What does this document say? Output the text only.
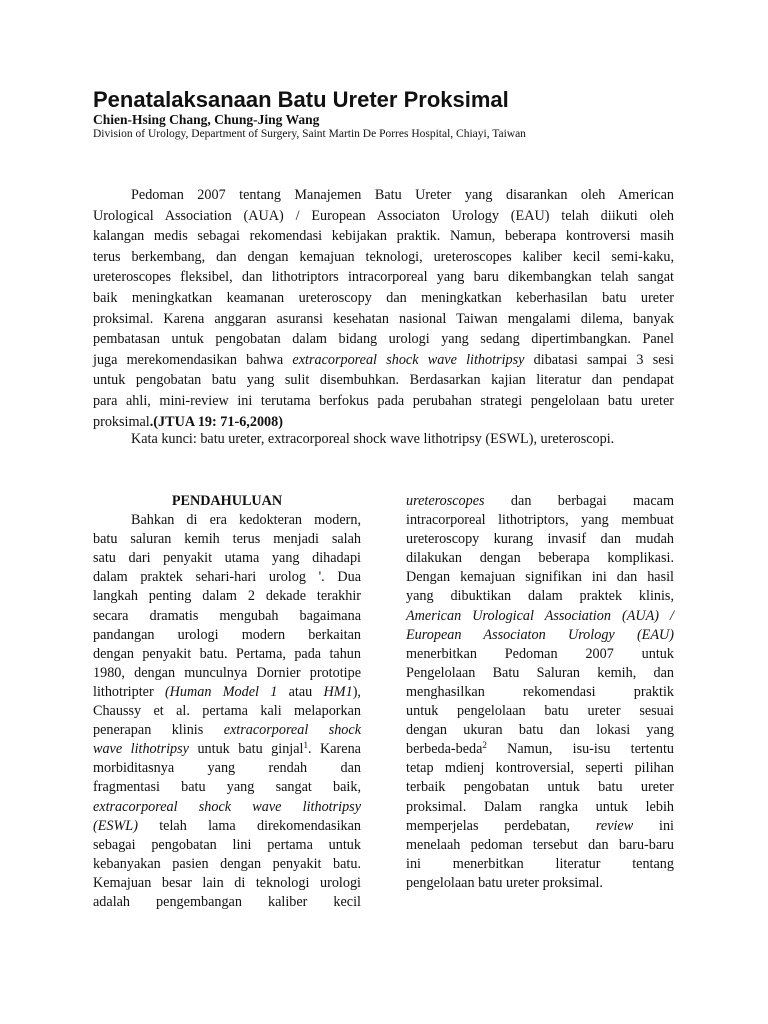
Penatalaksanaan Batu Ureter Proksimal
Chien-Hsing Chang, Chung-Jing Wang
Division of Urology, Department of Surgery, Saint Martin De Porres Hospital, Chiayi, Taiwan
Pedoman 2007 tentang Manajemen Batu Ureter yang disarankan oleh American
Urological Association (AUA) / European Associaton Urology (EAU) telah diikuti oleh
kalangan medis sebagai rekomendasi kebijakan praktik. Namun, beberapa kontroversi masih
terus berkembang, dan dengan kemajuan teknologi, ureteroscopes kaliber kecil semi-kaku,
ureteroscopes fleksibel, dan lithotriptors intracorporeal yang baru dikembangkan telah sangat
baik meningkatkan keamanan ureteroscopy dan meningkatkan keberhasilan batu ureter
proksimal. Karena anggaran asuransi kesehatan nasional Taiwan mengalami dilema, banyak
pembatasan untuk pengobatan dalam bidang urologi yang sedang dipertimbangkan. Panel
juga merekomendasikan bahwa extracorporeal shock wave lithotripsy dibatasi sampai 3 sesi
untuk pengobatan batu yang sulit disembuhkan. Berdasarkan kajian literatur dan pendapat
para ahli, mini-review ini terutama berfokus pada perubahan strategi pengelolaan batu ureter
proksimal.(JTUA 19: 71-6,2008)
Kata kunci: batu ureter, extracorporeal shock wave lithotripsy (ESWL), ureteroscopi.
PENDAHULUAN
Bahkan di era kedokteran modern,
batu saluran kemih terus menjadi salah
satu dari penyakit utama yang dihadapi
dalam praktek sehari-hari urolog '. Dua
langkah penting dalam 2 dekade terakhir
secara dramatis mengubah bagaimana
pandangan urologi modern berkaitan
dengan penyakit batu. Pertama, pada tahun
1980, dengan munculnya Dornier prototipe
lithotripter (Human Model 1 atau HM1),
Chaussy et al. pertama kali melaporkan
penerapan klinis extracorporeal shock
wave lithotripsy untuk batu ginjal$^1$. Karena
morbiditasnya yang rendah dan
fragmentasi batu yang sangat baik,
extracorporeal shock wave lithotripsy
(ESWL) telah lama direkomendasikan
sebagai pengobatan lini pertama untuk
kebanyakan pasien dengan penyakit batu.
Kemajuan besar lain di teknologi urologi
adalah pengembangan kaliber kecil
ureteroscopes dan berbagai macam
intracorporeal lithotriptors, yang membuat
ureteroscopy kurang invasif dan mudah
dilakukan dengan beberapa komplikasi.
Dengan kemajuan signifikan ini dan hasil
yang dibuktikan dalam praktek klinis,
American Urological Association (AUA) /
European Associaton Urology (EAU)
menerbitkan Pedoman 2007 untuk
Pengelolaan Batu Saluran kemih, dan
menghasilkan rekomendasi praktik
untuk pengelolaan batu ureter sesuai
dengan ukuran batu dan lokasi yang
berbeda-beda$^2$ Namun, isu-isu tertentu
tetap mdienj kontroversial, seperti pilihan
terbaik pengobatan untuk batu ureter
proksimal. Dalam rangka untuk lebih
memperjelas perdebatan, review ini
menelaah pedoman tersebut dan baru-baru
ini menerbitkan literatur tentang
pengelolaan batu ureter proksimal.
